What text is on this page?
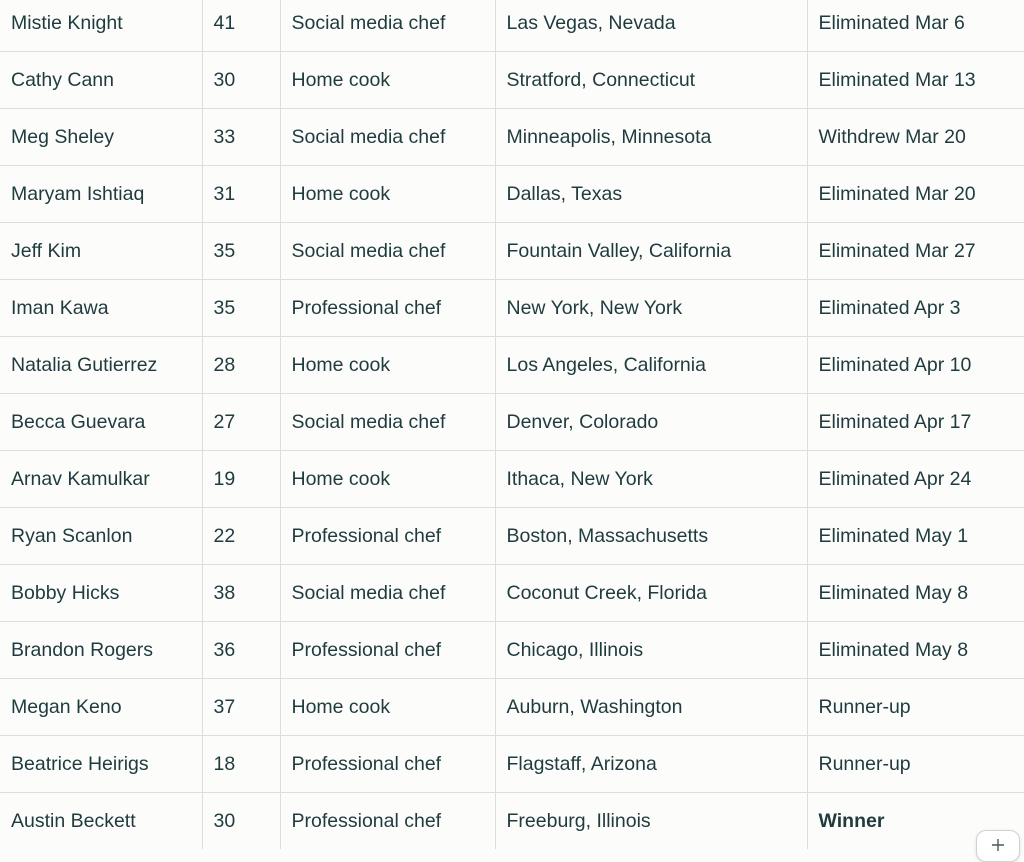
Mistie Knight	41	Social media chef	Las Vegas, Nevada	Eliminated Mar 6
Cathy Cann	30	Home cook	Stratford, Connecticut	Eliminated Mar 13
Meg Sheley	33	Social media chef	Minneapolis, Minnesota	Withdrew Mar 20
Maryam Ishtiaq	31	Home cook	Dallas, Texas	Eliminated Mar 20
Jeff Kim	35	Social media chef	Fountain Valley, California	Eliminated Mar 27
Iman Kawa	35	Professional chef	New York, New York	Eliminated Apr 3
Natalia Gutierrez	28	Home cook	Los Angeles, California	Eliminated Apr 10
Becca Guevara	27	Social media chef	Denver, Colorado	Eliminated Apr 17
Arnav Kamulkar	19	Home cook	Ithaca, New York	Eliminated Apr 24
Ryan Scanlon	22	Professional chef	Boston, Massachusetts	Eliminated May 1
Bobby Hicks	38	Social media chef	Coconut Creek, Florida	Eliminated May 8
Brandon Rogers	36	Professional chef	Chicago, Illinois	Eliminated May 8
Megan Keno	37	Home cook	Auburn, Washington	Runner-up
Beatrice Heirigs	18	Professional chef	Flagstaff, Arizona	Runner-up
Austin Beckett	30	Professional chef	Freeburg, Illinois	Winner
